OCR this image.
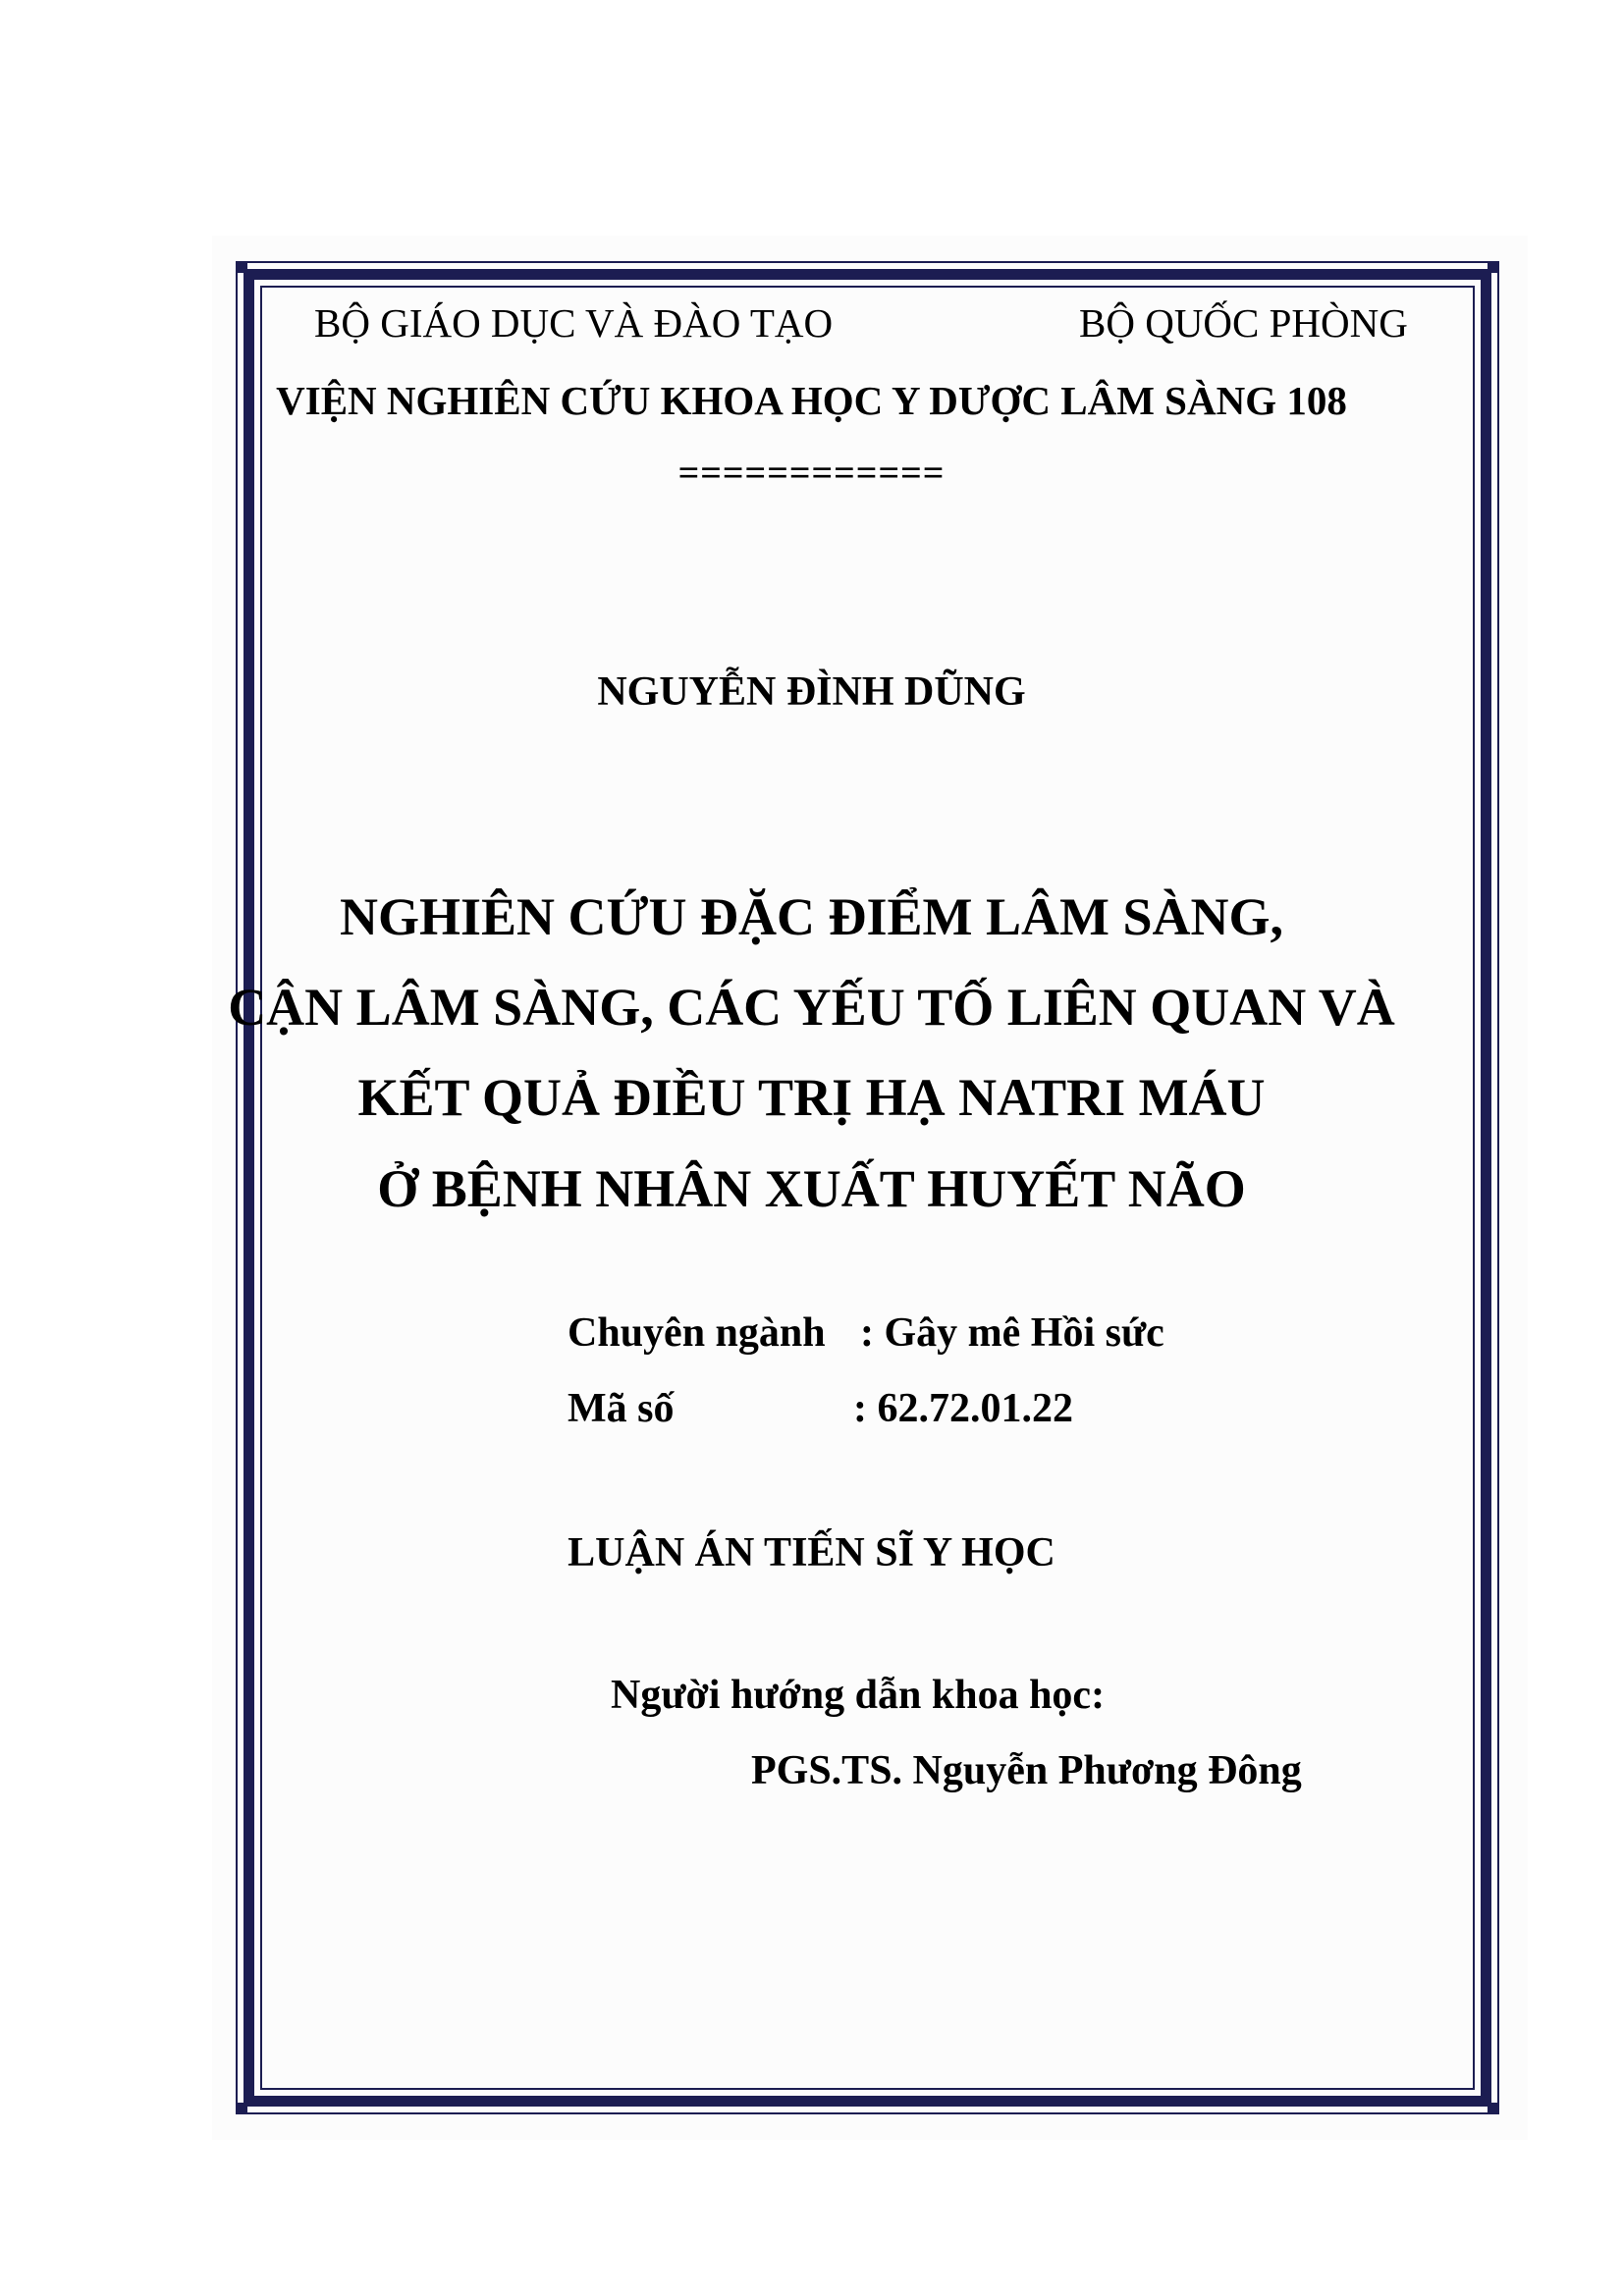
BỘ GIÁO DỤC VÀ ĐÀO TẠO	BỘ QUỐC PHÒNG
VIỆN NGHIÊN CỨU KHOA HỌC Y DƯỢC LÂM SÀNG 108
============
NGUYỄN ĐÌNH DŨNG
NGHIÊN CỨU ĐẶC ĐIỂM LÂM SÀNG,
CẬN LÂM SÀNG, CÁC YẾU TỐ LIÊN QUAN VÀ
KẾT QUẢ ĐIỀU TRỊ HẠ NATRI MÁU
Ở BỆNH NHÂN XUẤT HUYẾT NÃO
Chuyên ngành : Gây mê Hồi sức
Mã số	: 62.72.01.22
LUẬN ÁN TIẾN SĨ Y HỌC
Người hướng dẫn khoa học:
PGS.TS. Nguyễn Phương Đông
